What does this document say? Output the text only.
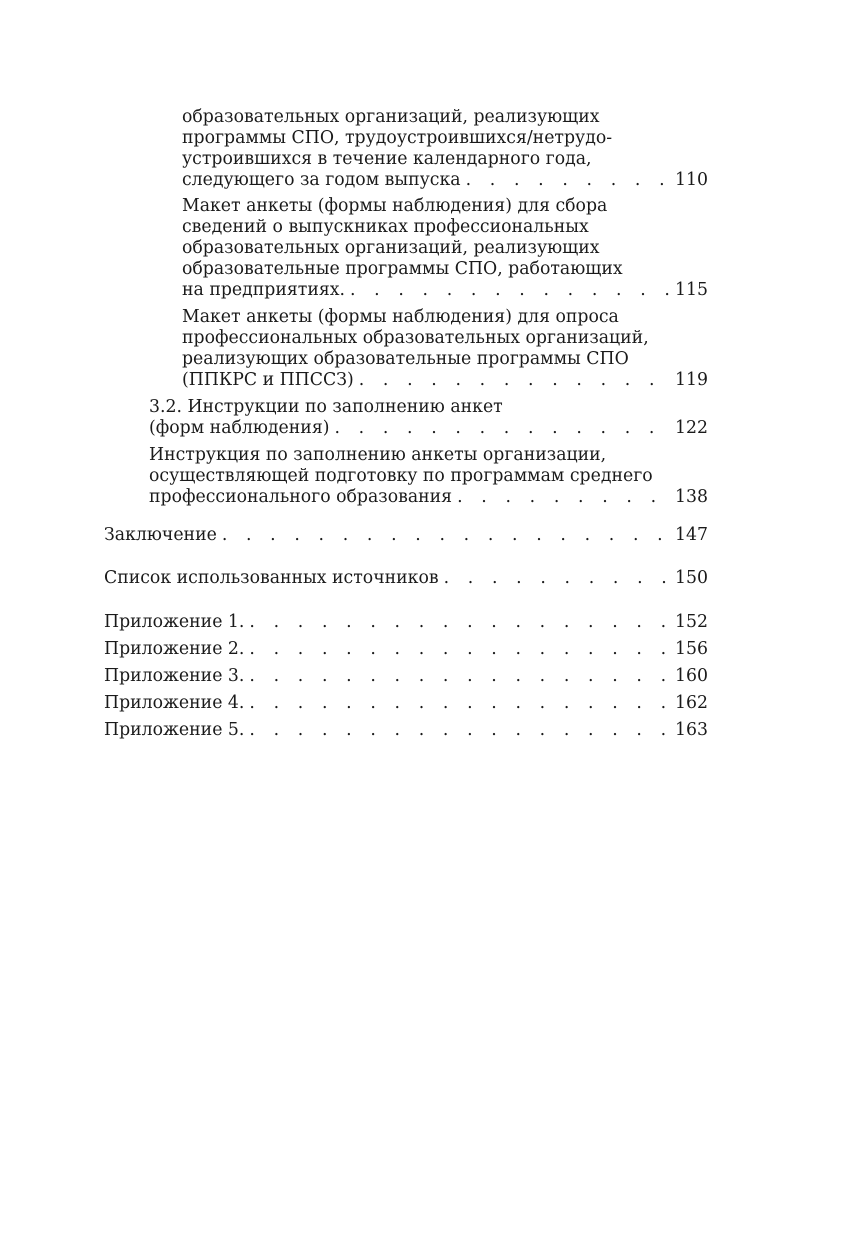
образовательных организаций, реализующих
программы СПО, трудоустроившихся/нетрудо-
устроившихся в течение календарного года,
следующего за годом выпуска . . .	110
Макет анкеты (формы наблюдения) для сбора
сведений о выпускниках профессиональных
образовательных организаций, реализующих
образовательные программы СПО, работающих
на предприятиях. . . .	115
Макет анкеты (формы наблюдения) для опроса
профессиональных образовательных организаций,
реализующих образовательные программы СПО
(ППКРС и ППССЗ) . . .	119
3.2. Инструкции по заполнению анкет
(форм наблюдения) . . .	122
Инструкция по заполнению анкеты организации,
осуществляющей подготовку по программам среднего
профессионального образования . . .	138
Заключение . . .	147
Список использованных источников . . .	150
Приложение 1. . . .	152
Приложение 2. . . .	156
Приложение 3. . . .	160
Приложение 4. . . .	162
Приложение 5. . . .	163
